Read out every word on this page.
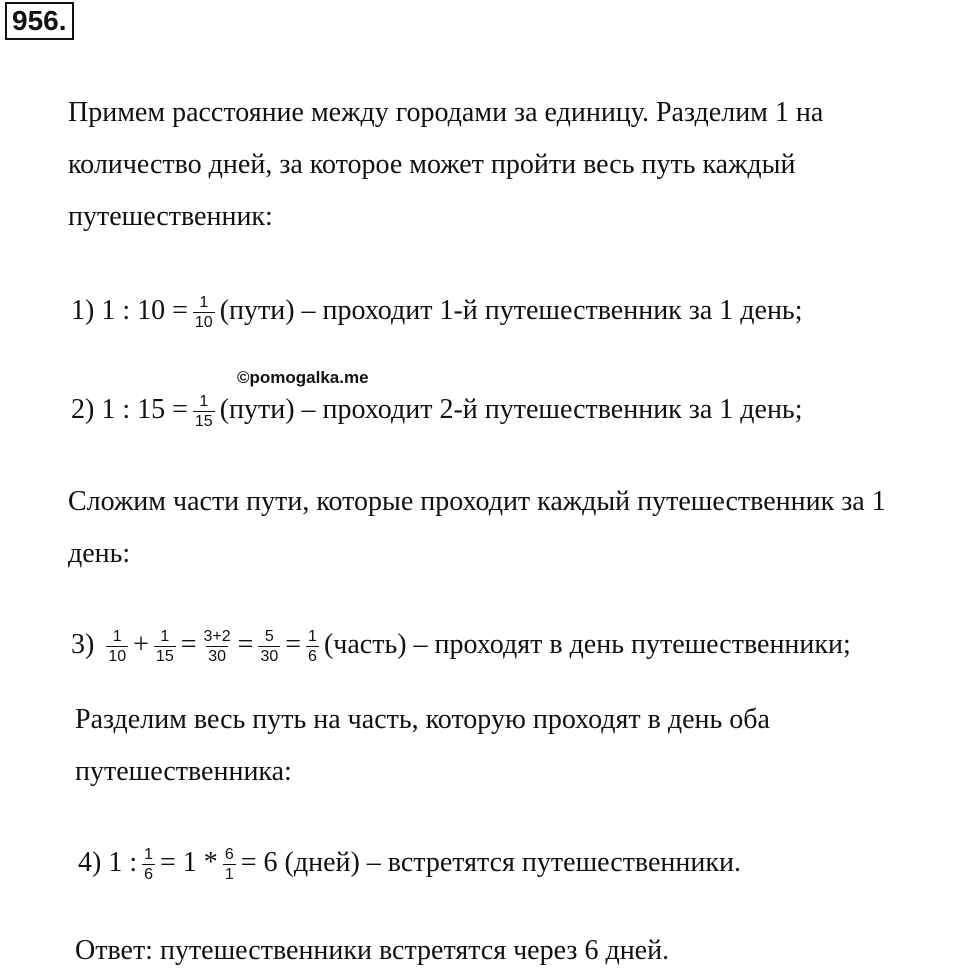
956.
Примем расстояние между городами за единицу. Разделим 1 на
количество дней, за которое может пройти весь путь каждый
путешественник:
1) 1 : $10 = \frac{1}{10}$ (пути) – проходит 1-й путешественник за 1 день;
©pomogalka.me
2) 1 : $15 = \frac{1}{15}$ (пути) – проходит 2-й путешественник за 1 день;
Сложим части пути, которые проходит каждый путешественник за 1
день:
$3) \frac{1}{10} + \frac{1}{15} = \frac{3+2}{30} = \frac{5}{30} = \frac{1}{6}$ (часть) – проходят в день путешественники;
Разделим весь путь на часть, которую проходят в день оба
путешественника:
4) 1 : $\frac{1}{6} = 1 * \frac{6}{1} = 6$ (дней) – встретятся путешественники.
Ответ: путешественники встретятся через 6 дней.
